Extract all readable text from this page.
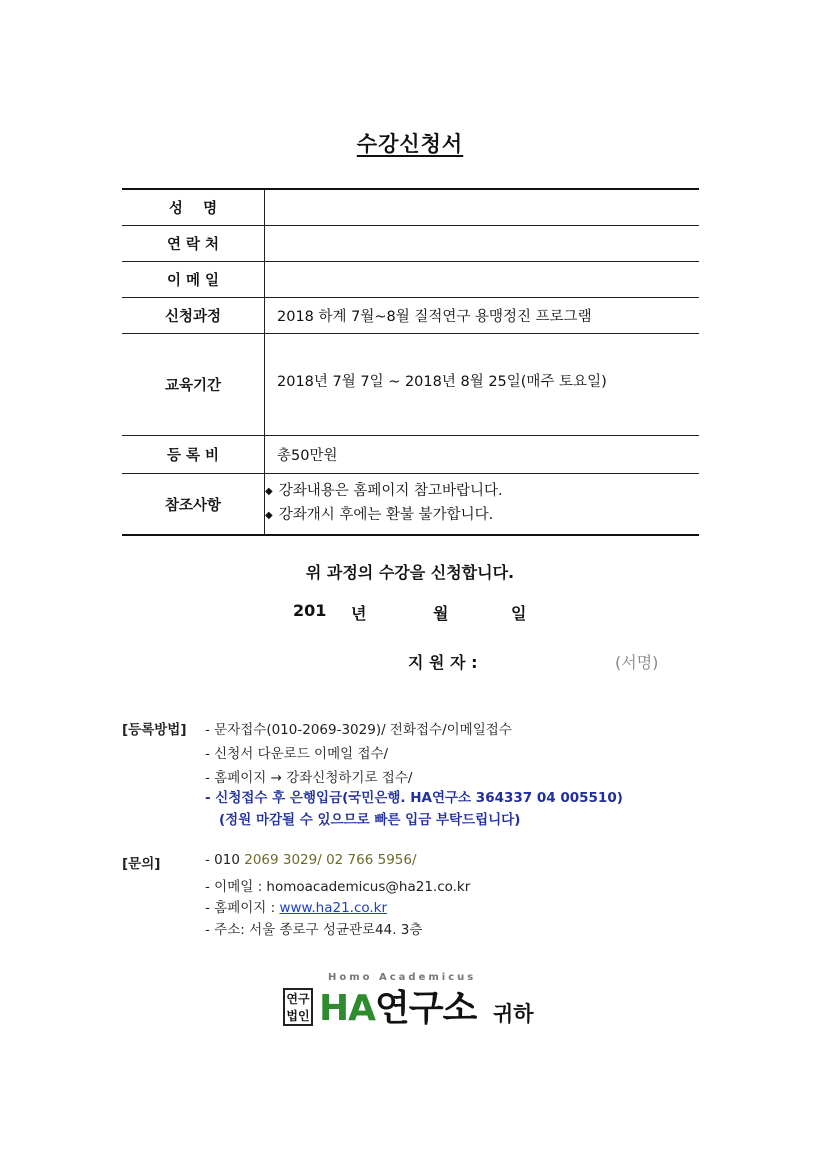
수강신청서
성    명	
연 락 처	
이 메 일	
신청과정	2018 하계 7월~8월 질적연구 용맹정진 프로그램
교육기간	2018년 7월 7일 ~ 2018년 8월 25일(매주 토요일)
등 록 비	총50만원
참조사항	◆ 강좌내용은 홈페이지 참고바랍니다.
◆ 강좌개시 후에는 환불 불가합니다.
위 과정의 수강을 신청합니다.
201 년	월	일
지 원 자 :	(서명)
[등록방법] - 문자접수(010-2069-3029)/ 전화접수/이메일접수
- 신청서 다운로드 이메일 접수/
- 홈페이지 → 강좌신청하기로 접수/
- 신청접수 후 은행입금(국민은행. HA연구소 364337 04 005510)
(정원 마감될 수 있으므로 빠른 입금 부탁드립니다)
[문의]	- 010 2069 3029/ 02 766 5956/
- 이메일 : homoacademicus@ha21.co.kr
- 홈페이지 : www.ha21.co.kr
- 주소: 서울 종로구 성균관로44. 3층
Homo Academicus
연구
법인 HA연구소 귀하
